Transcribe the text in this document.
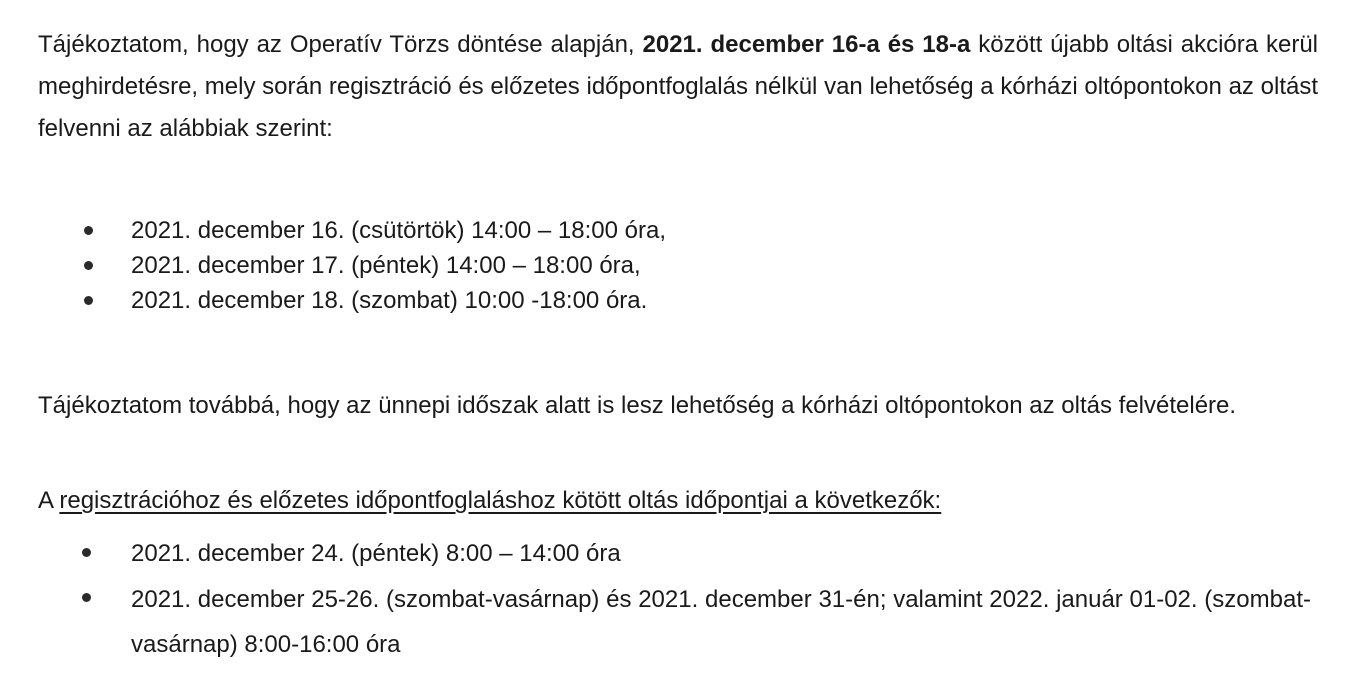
Tájékoztatom, hogy az Operatív Törzs döntése alapján, 2021. december 16-a és 18-a között újabb oltási akcióra kerül meghirdetésre, mely során regisztráció és előzetes időpontfoglalás nélkül van lehetőség a kórházi oltópontokon az oltást felvenni az alábbiak szerint:

2021. december 16. (csütörtök) 14:00 – 18:00 óra,
2021. december 17. (péntek) 14:00 – 18:00 óra,
2021. december 18. (szombat) 10:00 -18:00 óra.

Tájékoztatom továbbá, hogy az ünnepi időszak alatt is lesz lehetőség a kórházi oltópontokon az oltás felvételére.

A regisztrációhoz és előzetes időpontfoglaláshoz kötött oltás időpontjai a következők:

2021. december 24. (péntek) 8:00 – 14:00 óra
2021. december 25-26. (szombat-vasárnap) és 2021. december 31-én; valamint 2022. január 01-02. (szombat-vasárnap) 8:00-16:00 óra
